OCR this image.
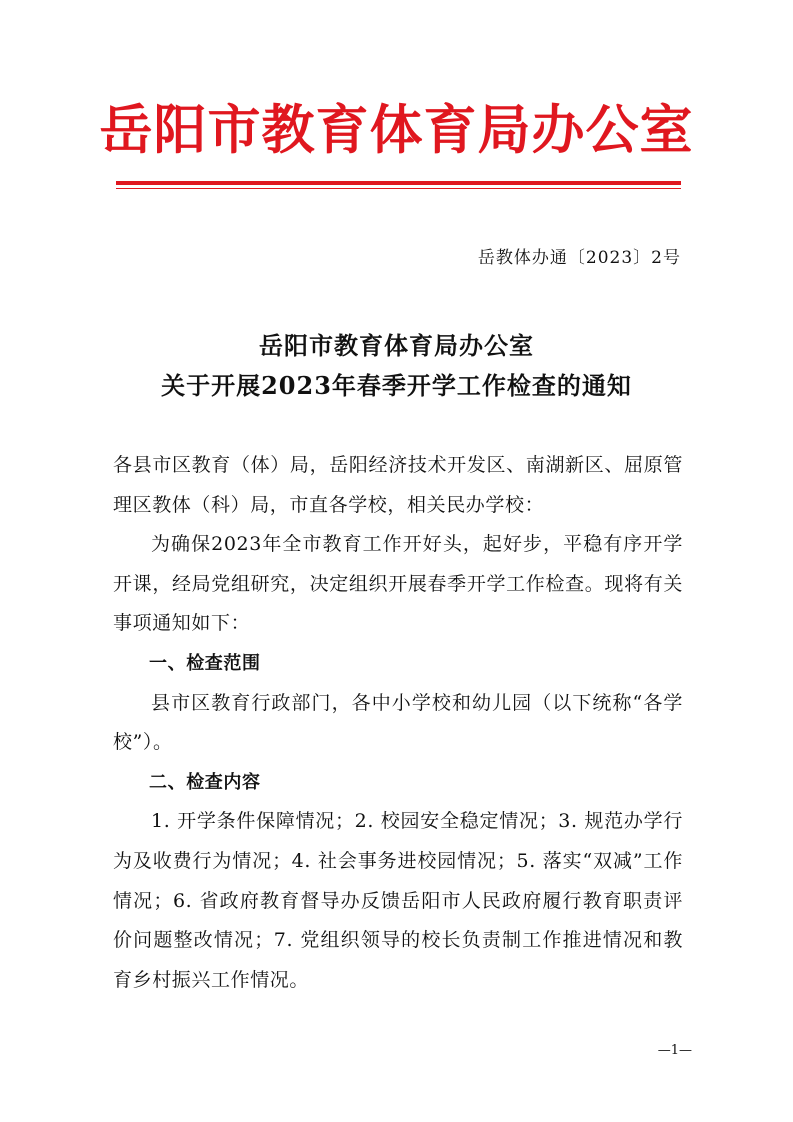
岳阳市教育体育局办公室
岳教体办通〔2023〕2号
岳阳市教育体育局办公室
关于开展2023年春季开学工作检查的通知

各县市区教育（体）局，岳阳经济技术开发区、南湖新区、屈原管理区教体（科）局，市直各学校，相关民办学校：

为确保2023年全市教育工作开好头，起好步，平稳有序开学开课，经局党组研究，决定组织开展春季开学工作检查。现将有关事项通知如下：

一、检查范围

县市区教育行政部门，各中小学校和幼儿园（以下统称“各学校”）。

二、检查内容

1. 开学条件保障情况；2. 校园安全稳定情况；3. 规范办学行为及收费行为情况；4. 社会事务进校园情况；5. 落实“双减”工作情况；6. 省政府教育督导办反馈岳阳市人民政府履行教育职责评价问题整改情况；7. 党组织领导的校长负责制工作推进情况和教育乡村振兴工作情况。

—1—
